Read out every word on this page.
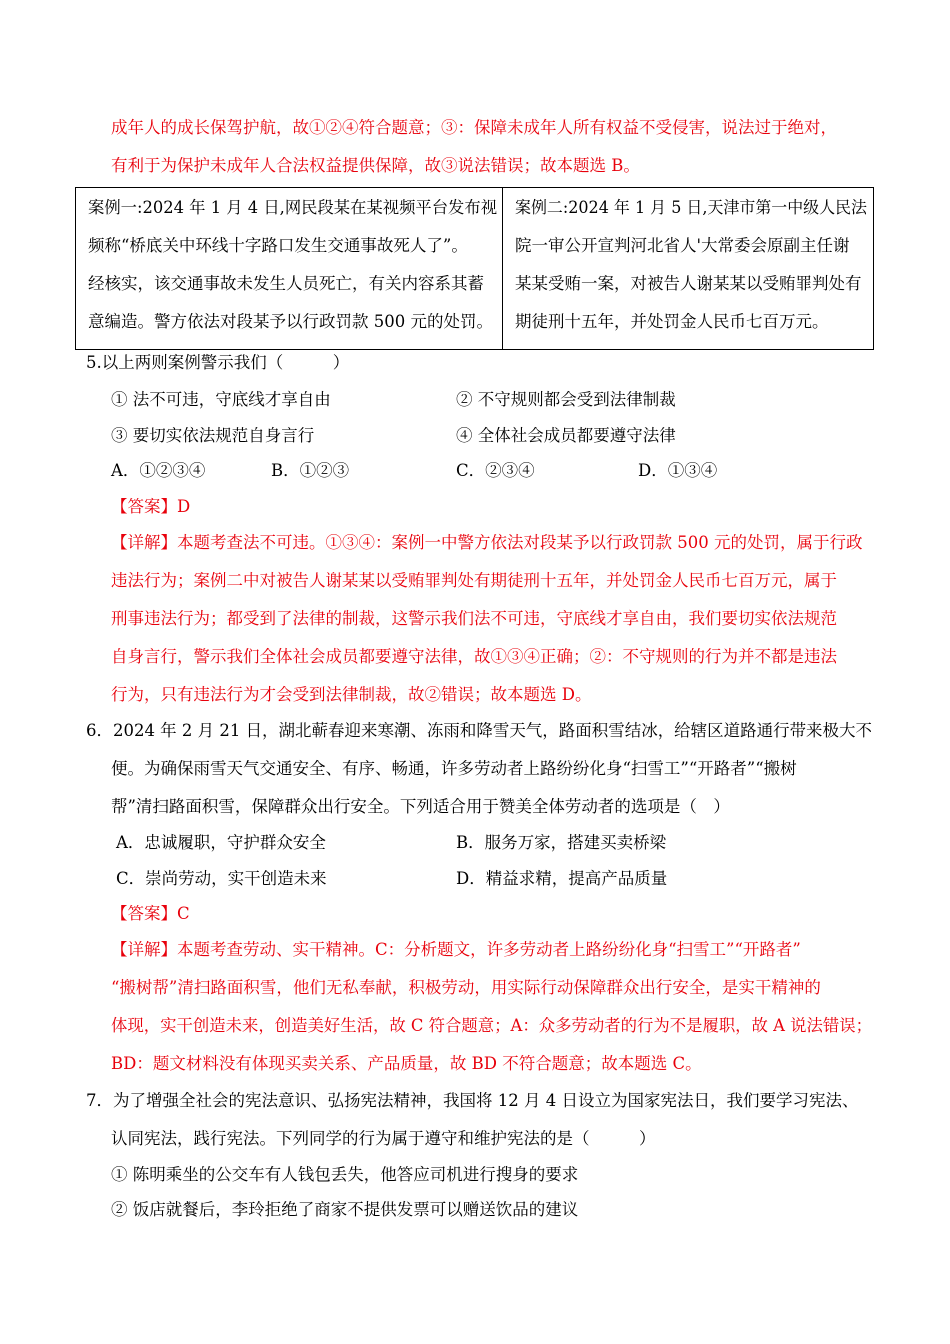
成年人的成长保驾护航，故①②④符合题意；③：保障未成年人所有权益不受侵害，说法过于绝对，
有利于为保护未成年人合法权益提供保障，故③说法错误；故本题选 B。
案例一:2024 年 1 月 4 日,网民段某在某视频平台发布视
频称“桥底关中环线十字路口发生交通事故死人了”。
经核实，该交通事故未发生人员死亡，有关内容系其蓄
意编造。警方依法对段某予以行政罚款 500 元的处罚。
案例二:2024 年 1 月 5 日,天津市第一中级人民法
院一审公开宣判河北省人'大常委会原副主任谢
某某受贿一案，对被告人谢某某以受贿罪判处有
期徒刑十五年，并处罚金人民币七百万元。
5.以上两则案例警示我们（　　　）
① 法不可违，守底线才享自由	② 不守规则都会受到法律制裁
③ 要切实依法规范自身言行	④ 全体社会成员都要遵守法律
A．①②③④	B．①②③	C．②③④	D．①③④
【答案】D
【详解】本题考查法不可违。①③④：案例一中警方依法对段某予以行政罚款 500 元的处罚，属于行政
违法行为；案例二中对被告人谢某某以受贿罪判处有期徒刑十五年，并处罚金人民币七百万元，属于
刑事违法行为；都受到了法律的制裁，这警示我们法不可违，守底线才享自由，我们要切实依法规范
自身言行，警示我们全体社会成员都要遵守法律，故①③④正确；②：不守规则的行为并不都是违法
行为，只有违法行为才会受到法律制裁，故②错误；故本题选 D。
6．2024 年 2 月 21 日，湖北蕲春迎来寒潮、冻雨和降雪天气，路面积雪结冰，给辖区道路通行带来极大不
便。为确保雨雪天气交通安全、有序、畅通，许多劳动者上路纷纷化身“扫雪工”“开路者”“搬树
帮”清扫路面积雪，保障群众出行安全。下列适合用于赞美全体劳动者的选项是（　）
A．忠诚履职，守护群众安全	B．服务万家，搭建买卖桥梁
C．崇尚劳动，实干创造未来	D．精益求精，提高产品质量
【答案】C
【详解】本题考查劳动、实干精神。C：分析题文，许多劳动者上路纷纷化身“扫雪工”“开路者”
“搬树帮”清扫路面积雪，他们无私奉献，积极劳动，用实际行动保障群众出行安全，是实干精神的
体现，实干创造未来，创造美好生活，故 C 符合题意；A：众多劳动者的行为不是履职，故 A 说法错误；
BD：题文材料没有体现买卖关系、产品质量，故 BD 不符合题意；故本题选 C。
7．为了增强全社会的宪法意识、弘扬宪法精神，我国将 12 月 4 日设立为国家宪法日，我们要学习宪法、
认同宪法，践行宪法。下列同学的行为属于遵守和维护宪法的是（　　　）
① 陈明乘坐的公交车有人钱包丢失，他答应司机进行搜身的要求
② 饭店就餐后，李玲拒绝了商家不提供发票可以赠送饮品的建议
